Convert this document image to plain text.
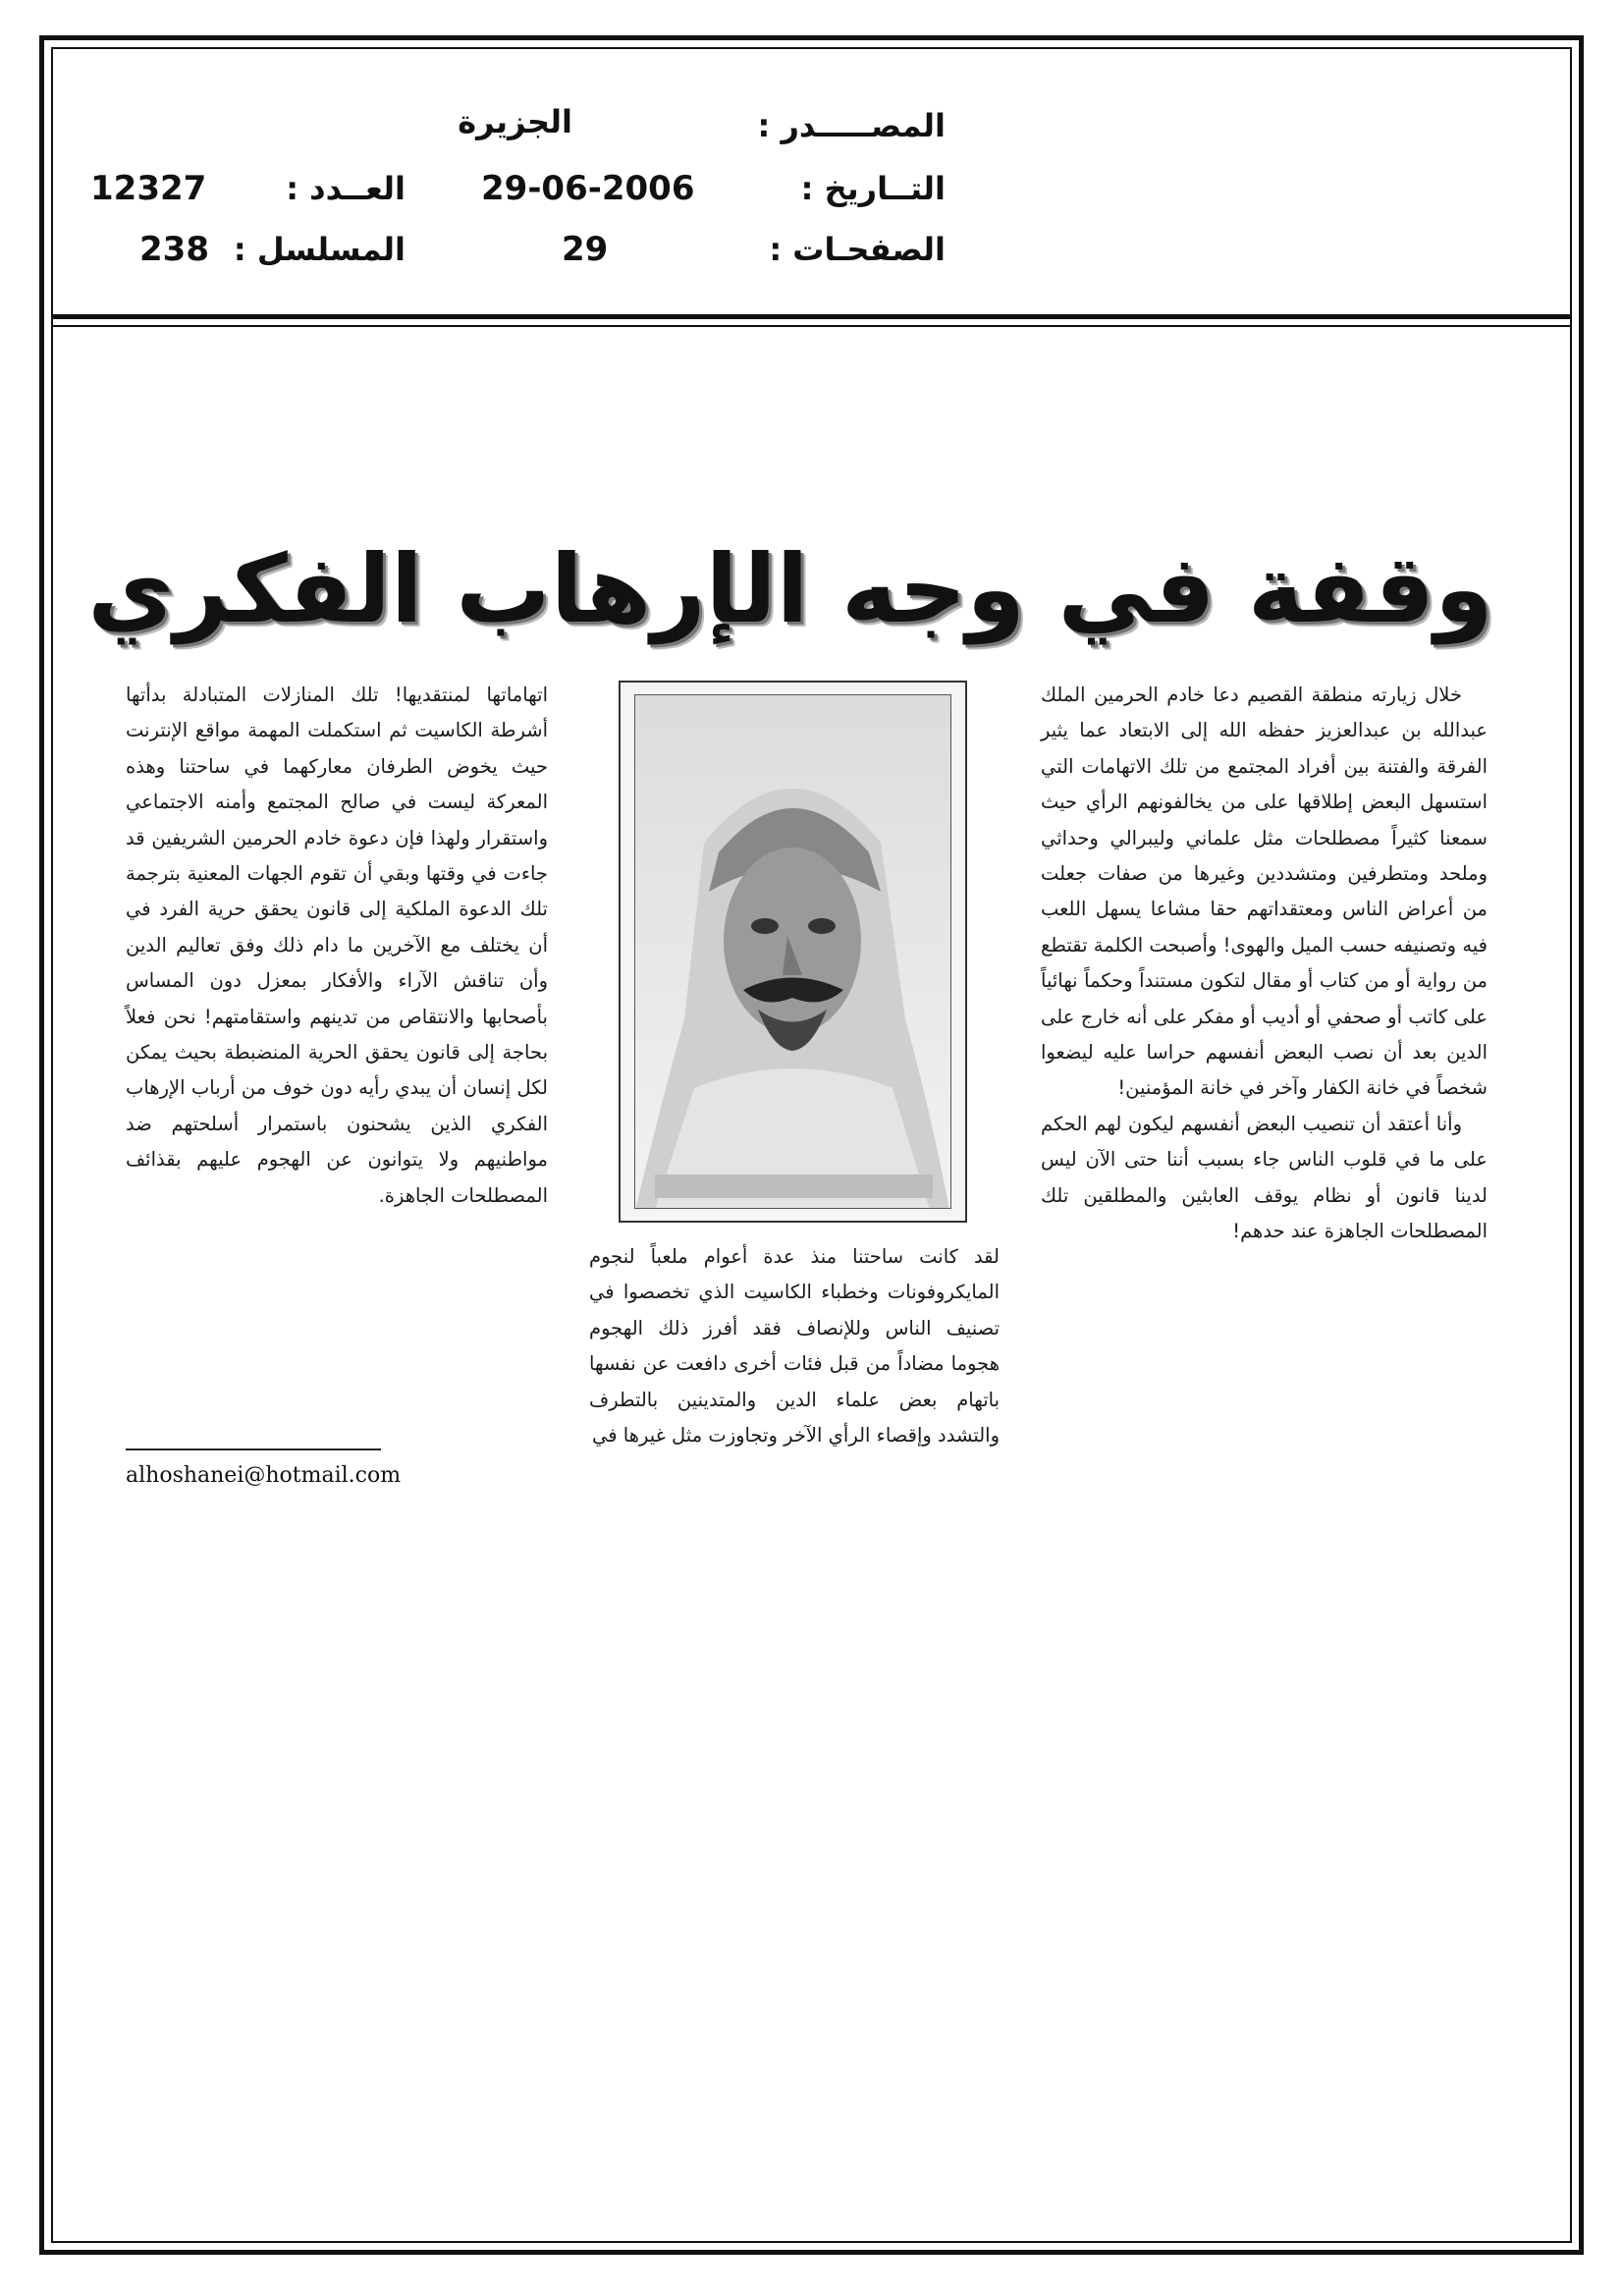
المصـــــدر :
الجزيرة
التــاريخ :
29-06-2006
العــدد :
12327
الصفحـات :
29
المسلسل :
238
وقفة في وجه الإرهاب الفكري

خلال زيارته منطقة القصيم دعا خادم الحرمين الملك عبدالله بن عبدالعزيز حفظه الله إلى الابتعاد عما يثير الفرقة والفتنة بين أفراد المجتمع من تلك الاتهامات التي استسهل البعض إطلاقها على من يخالفونهم الرأي حيث سمعنا كثيراً مصطلحات مثل علماني وليبرالي وحداثي وملحد ومتطرفين ومتشددين وغيرها من صفات جعلت من أعراض الناس ومعتقداتهم حقا مشاعا يسهل اللعب فيه وتصنيفه حسب الميل والهوى! وأصبحت الكلمة تقتطع من رواية أو من كتاب أو مقال لتكون مستنداً وحكماً نهائياً على كاتب أو صحفي أو أديب أو مفكر على أنه خارج على الدين بعد أن نصب البعض أنفسهم حراسا عليه ليضعوا شخصاً في خانة الكفار وآخر في خانة المؤمنين!

وأنا أعتقد أن تنصيب البعض أنفسهم ليكون لهم الحكم على ما في قلوب الناس جاء بسبب أننا حتى الآن ليس لدينا قانون أو نظام يوقف العابثين والمطلقين تلك المصطلحات الجاهزة عند حدهم!

لقد كانت ساحتنا منذ عدة أعوام ملعباً لنجوم المايكروفونات وخطباء الكاسيت الذي تخصصوا في تصنيف الناس وللإنصاف فقد أفرز ذلك الهجوم هجوما مضاداً من قبل فئات أخرى دافعت عن نفسها باتهام بعض علماء الدين والمتدينين بالتطرف والتشدد وإقصاء الرأي الآخر وتجاوزت مثل غيرها في

اتهاماتها لمنتقديها! تلك المنازلات المتبادلة بدأتها أشرطة الكاسيت ثم استكملت المهمة مواقع الإنترنت حيث يخوض الطرفان معاركهما في ساحتنا وهذه المعركة ليست في صالح المجتمع وأمنه الاجتماعي واستقرار ولهذا فإن دعوة خادم الحرمين الشريفين قد جاءت في وقتها وبقي أن تقوم الجهات المعنية بترجمة تلك الدعوة الملكية إلى قانون يحقق حرية الفرد في أن يختلف مع الآخرين ما دام ذلك وفق تعاليم الدين وأن تناقش الآراء والأفكار بمعزل دون المساس بأصحابها والانتقاص من تدينهم واستقامتهم! نحن فعلاً بحاجة إلى قانون يحقق الحرية المنضبطة بحيث يمكن لكل إنسان أن يبدي رأيه دون خوف من أرباب الإرهاب الفكري الذين يشحنون باستمرار أسلحتهم ضد مواطنيهم ولا يتوانون عن الهجوم عليهم بقذائف المصطلحات الجاهزة.

alhoshanei@hotmail.com
